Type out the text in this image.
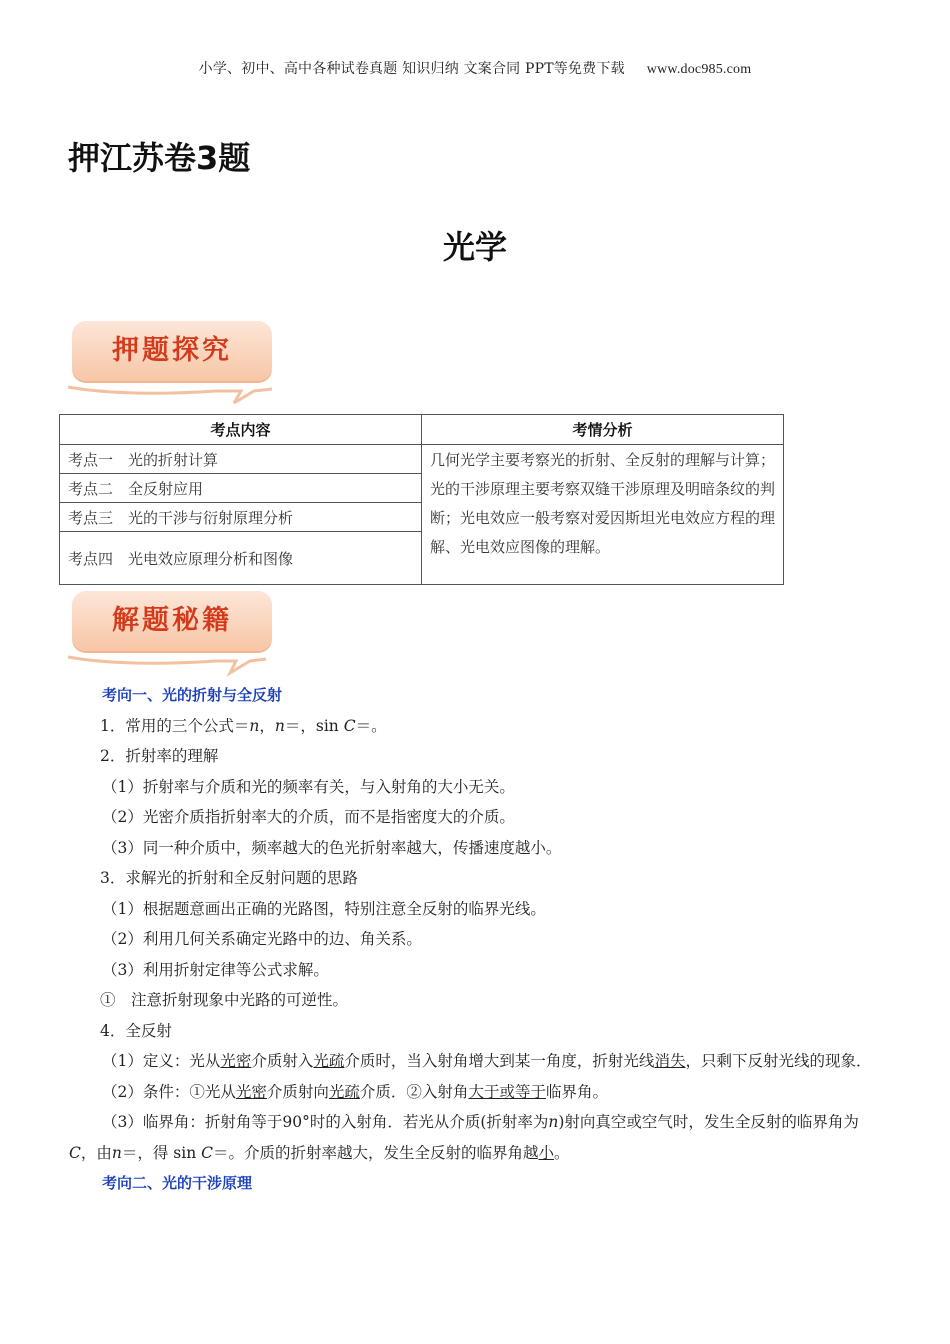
小学、初中、高中各种试卷真题 知识归纳 文案合同 PPT等免费下载 www.doc985.com
押江苏卷3题
光学
押题探究
考点内容	考情分析
考点一　光的折射计算	几何光学主要考察光的折射、全反射的理解与计算；光的干涉原理主要考察双缝干涉原理及明暗条纹的判断；光电效应一般考察对爱因斯坦光电效应方程的理解、光电效应图像的理解。
考点二　全反射应用	
考点三　光的干涉与衍射原理分析	
考点四　光电效应原理分析和图像	
解题秘籍

考向一、光的折射与全反射

1．常用的三个公式＝n，n＝，sin C＝。

2．折射率的理解

（1）折射率与介质和光的频率有关，与入射角的大小无关。

（2）光密介质指折射率大的介质，而不是指密度大的介质。

（3）同一种介质中，频率越大的色光折射率越大，传播速度越小。

3．求解光的折射和全反射问题的思路

（1）根据题意画出正确的光路图，特别注意全反射的临界光线。

（2）利用几何关系确定光路中的边、角关系。

（3）利用折射定律等公式求解。

①　注意折射现象中光路的可逆性。

4．全反射

（1）定义：光从光密介质射入光疏介质时，当入射角增大到某一角度，折射光线消失，只剩下反射光线的现象．

（2）条件：①光从光密介质射向光疏介质．②入射角大于或等于临界角。

（3）临界角：折射角等于90°时的入射角．若光从介质(折射率为n)射向真空或空气时，发生全反射的临界角为C，由n＝，得 sin C＝。介质的折射率越大，发生全反射的临界角越小。

考向二、光的干涉原理
